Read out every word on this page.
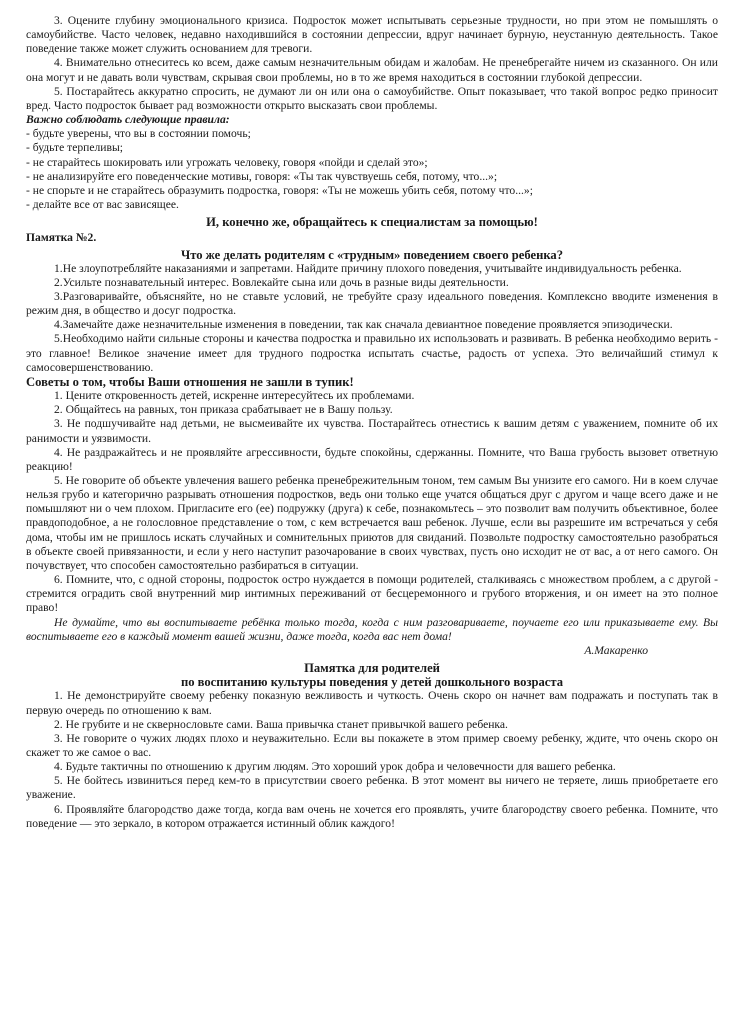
3. Оцените глубину эмоционального кризиса. Подросток может испытывать серьезные трудности, но при этом не помышлять о самоубийстве. Часто человек, недавно находившийся в состоянии депрессии, вдруг начинает бурную, неустанную деятельность. Такое поведение также может служить основанием для тревоги.

4. Внимательно отнеситесь ко всем, даже самым незначительным обидам и жалобам. Не пренебрегайте ничем из сказанного. Он или она могут и не давать воли чувствам, скрывая свои проблемы, но в то же время находиться в состоянии глубокой депрессии.

5. Постарайтесь аккуратно спросить, не думают ли он или она о самоубийстве. Опыт показывает, что такой вопрос редко приносит вред. Часто подросток бывает рад возможности открыто высказать свои проблемы.

Важно соблюдать следующие правила:

- будьте уверены, что вы в состоянии помочь;

- будьте терпеливы;

- не старайтесь шокировать или угрожать человеку, говоря «пойди и сделай это»;

- не анализируйте его поведенческие мотивы, говоря: «Ты так чувствуешь себя, потому, что...»;

- не спорьте и не старайтесь образумить подростка, говоря: «Ты не можешь убить себя, потому что...»;

- делайте все от вас зависящее.

И, конечно же, обращайтесь к специалистам за помощью!

Памятка №2.

Что же делать родителям с «трудным» поведением своего ребенка?

1.Не злоупотребляйте наказаниями и запретами. Найдите причину плохого поведения, учитывайте индивидуальность ребенка.

2.Усильте познавательный интерес. Вовлекайте сына или дочь в разные виды деятельности.

3.Разговаривайте, объясняйте, но не ставьте условий, не требуйте сразу идеального поведения. Комплексно вводите изменения в режим дня, в общество и досуг подростка.

4.Замечайте даже незначительные изменения в поведении, так как сначала девиантное поведение проявляется эпизодически.

5.Необходимо найти сильные стороны и качества подростка и правильно их использовать и развивать. В ребенка необходимо верить - это главное! Великое значение имеет для трудного подростка испытать счастье, радость от успеха. Это величайший стимул к самосовершенствованию.

Советы о том, чтобы Ваши отношения не зашли в тупик!

1. Цените откровенность детей, искренне интересуйтесь их проблемами.

2. Общайтесь на равных, тон приказа срабатывает не в Вашу пользу.

3. Не подшучивайте над детьми, не высмеивайте их чувства. Постарайтесь отнестись к вашим детям с уважением, помните об их ранимости и уязвимости.

4. Не раздражайтесь и не проявляйте агрессивности, будьте спокойны, сдержанны. Помните, что Ваша грубость вызовет ответную реакцию!

5. Не говорите об объекте увлечения вашего ребенка пренебрежительным тоном, тем самым Вы унизите его самого. Ни в коем случае нельзя грубо и категорично разрывать отношения подростков, ведь они только еще учатся общаться друг с другом и чаще всего даже и не помышляют ни о чем плохом. Пригласите его (ее) подружку (друга) к себе, познакомьтесь – это позволит вам получить объективное, более правдоподобное, а не голословное представление о том, с кем встречается ваш ребенок. Лучше, если вы разрешите им встречаться у себя дома, чтобы им не пришлось искать случайных и сомнительных приютов для свиданий. Позвольте подростку самостоятельно разобраться в объекте своей привязанности, и если у него наступит разочарование в своих чувствах, пусть оно исходит не от вас, а от него самого. Он почувствует, что способен самостоятельно разбираться в ситуации.

6. Помните, что, с одной стороны, подросток остро нуждается в помощи родителей, сталкиваясь с множеством проблем, а с другой - стремится оградить свой внутренний мир интимных переживаний от бесцеремонного и грубого вторжения, и он имеет на это полное право!

Не думайте, что вы воспитываете ребёнка только тогда, когда с ним разговариваете, поучаете его или приказываете ему. Вы воспитываете его в каждый момент вашей жизни, даже тогда, когда вас нет дома!

А.Макаренко

Памятка для родителей

по воспитанию культуры поведения у детей дошкольного возраста

1. Не демонстрируйте своему ребенку показную вежливость и чуткость. Очень скоро он начнет вам подражать и поступать так в первую очередь по отношению к вам.

2. Не грубите и не сквернословьте сами. Ваша привычка станет привычкой вашего ребенка.

3. Не говорите о чужих людях плохо и неуважительно. Если вы покажете в этом пример своему ребенку, ждите, что очень скоро он скажет то же самое о вас.

4. Будьте тактичны по отношению к другим людям. Это хороший урок добра и человечности для вашего ребенка.

5. Не бойтесь извиниться перед кем-то в присутствии своего ребенка. В этот момент вы ничего не теряете, лишь приобретаете его уважение.

6. Проявляйте благородство даже тогда, когда вам очень не хочется его проявлять, учите благородству своего ребенка. Помните, что поведение — это зеркало, в котором отражается истинный облик каждого!
